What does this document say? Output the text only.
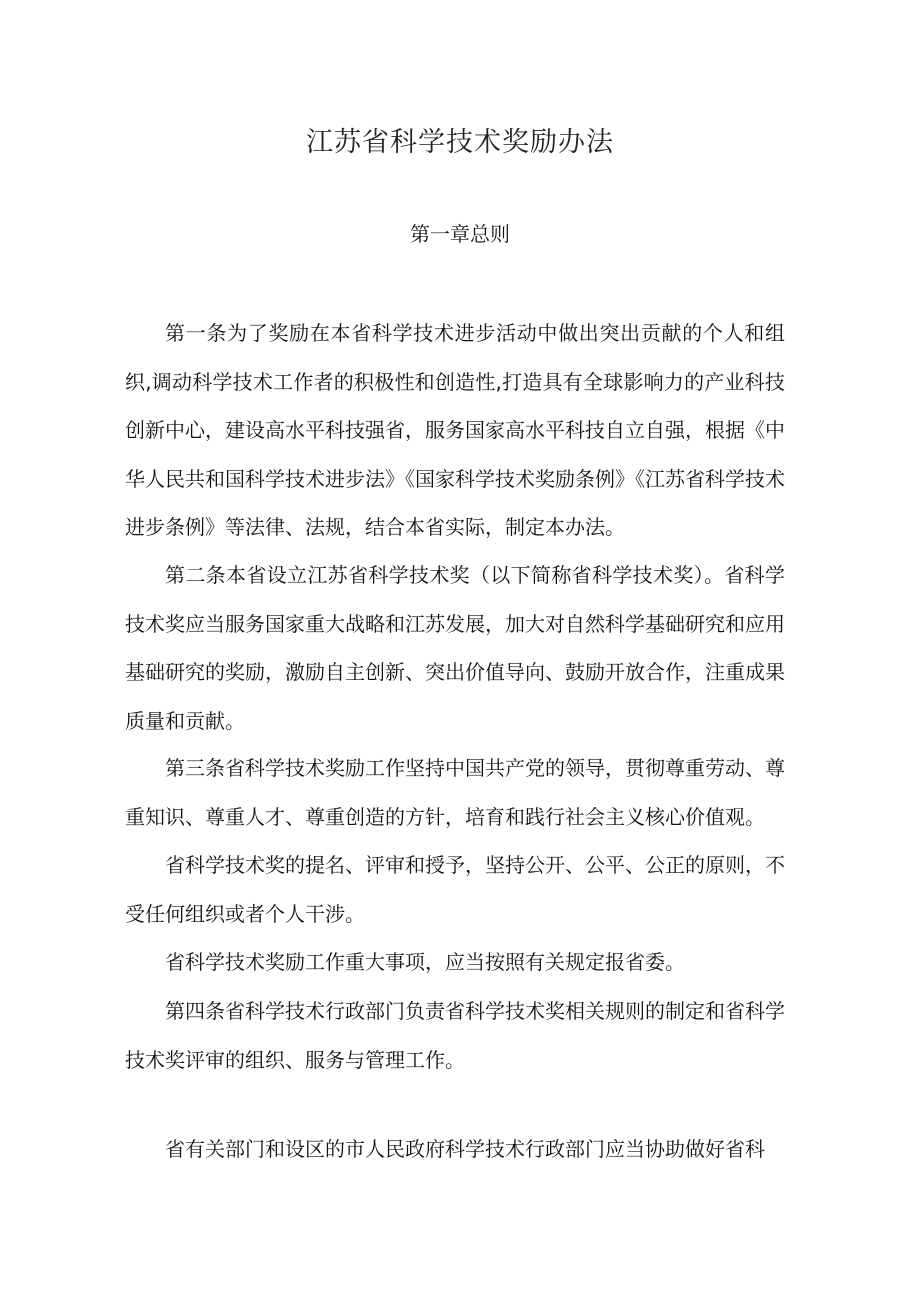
江苏省科学技术奖励办法
第一章总则

第一条为了奖励在本省科学技术进步活动中做出突出贡献的个人和组织,调动科学技术工作者的积极性和创造性,打造具有全球影响力的产业科技创新中心，建设高水平科技强省，服务国家高水平科技自立自强，根据《中华人民共和国科学技术进步法》《国家科学技术奖励条例》《江苏省科学技术进步条例》等法律、法规，结合本省实际，制定本办法。

第二条本省设立江苏省科学技术奖（以下简称省科学技术奖）。省科学技术奖应当服务国家重大战略和江苏发展，加大对自然科学基础研究和应用基础研究的奖励，激励自主创新、突出价值导向、鼓励开放合作，注重成果质量和贡献。

第三条省科学技术奖励工作坚持中国共产党的领导，贯彻尊重劳动、尊重知识、尊重人才、尊重创造的方针，培育和践行社会主义核心价值观。

省科学技术奖的提名、评审和授予，坚持公开、公平、公正的原则，不受任何组织或者个人干涉。

省科学技术奖励工作重大事项，应当按照有关规定报省委。

第四条省科学技术行政部门负责省科学技术奖相关规则的制定和省科学技术奖评审的组织、服务与管理工作。

省有关部门和设区的市人民政府科学技术行政部门应当协助做好省科
